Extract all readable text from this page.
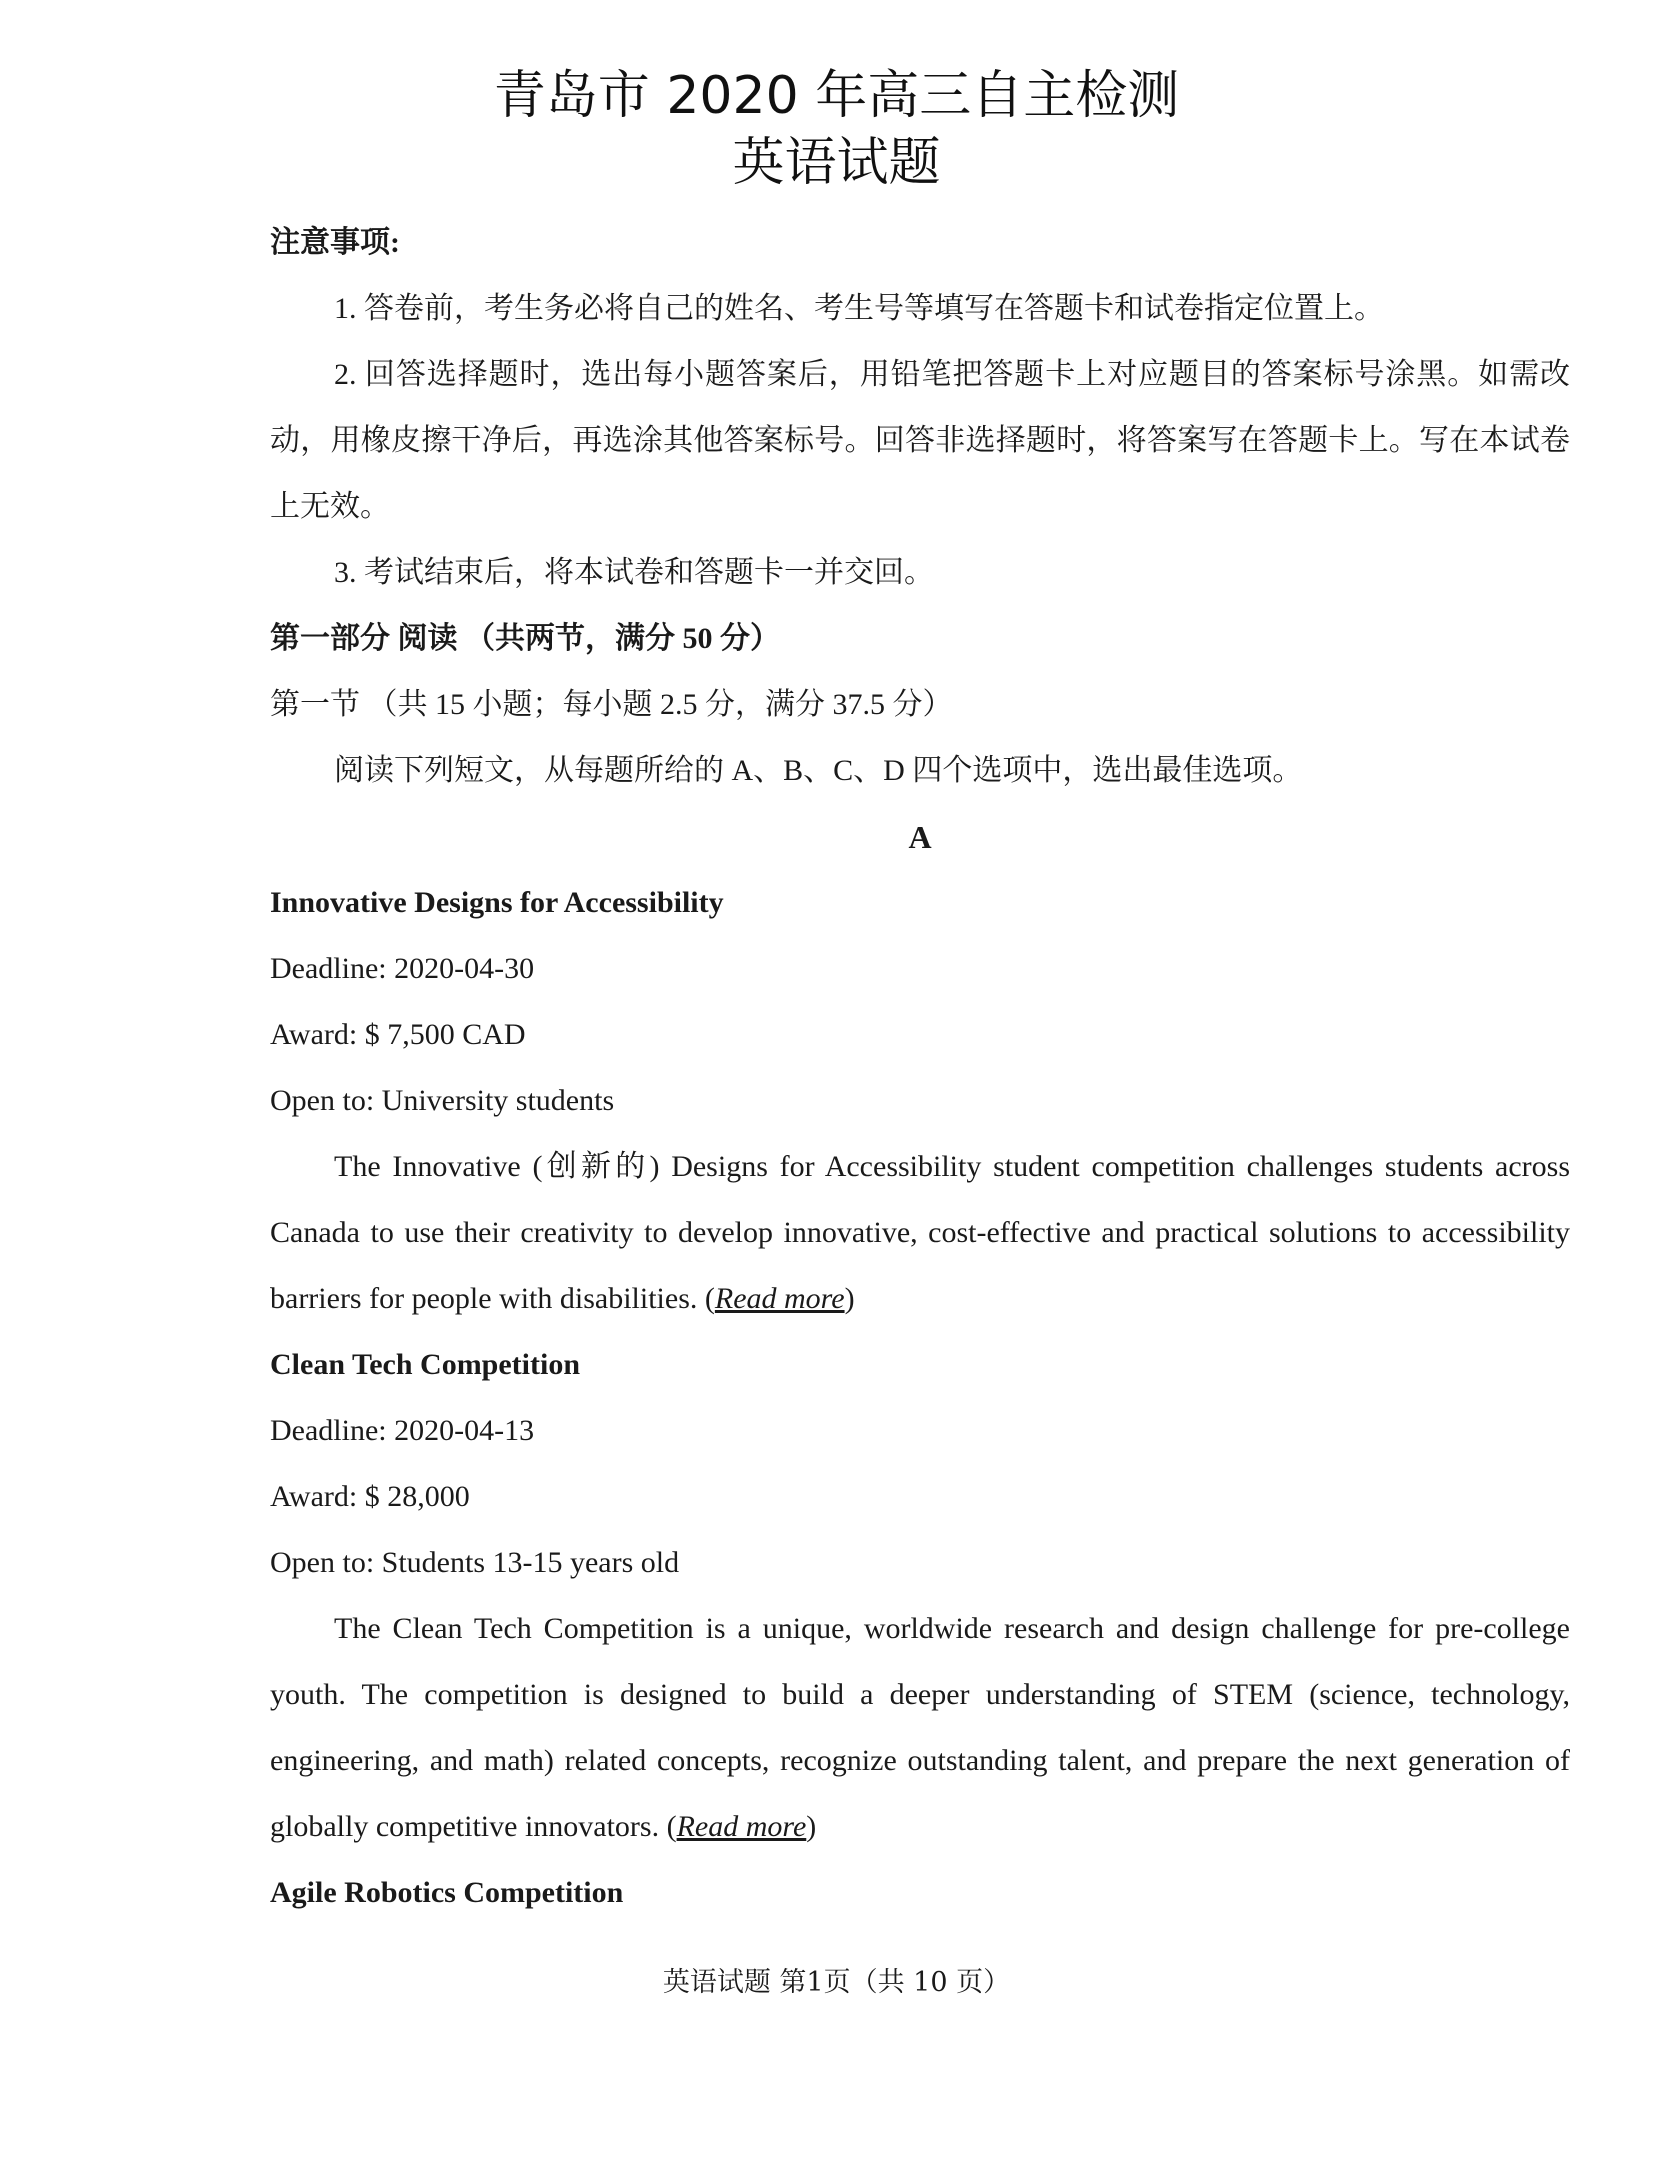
青岛市 2020 年高三自主检测
英语试题
注意事项:
1. 答卷前，考生务必将自己的姓名、考生号等填写在答题卡和试卷指定位置上。
2. 回答选择题时，选出每小题答案后，用铅笔把答题卡上对应题目的答案标号涂黑。如需改动，用橡皮擦干净后，再选涂其他答案标号。回答非选择题时，将答案写在答题卡上。写在本试卷上无效。
3. 考试结束后，将本试卷和答题卡一并交回。
第一部分 阅读 （共两节，满分 50 分）
第一节 （共 15 小题；每小题 2.5 分，满分 37.5 分）
阅读下列短文，从每题所给的 A、B、C、D 四个选项中，选出最佳选项。
A
Innovative Designs for Accessibility
Deadline: 2020-04-30
Award: $ 7,500 CAD
Open to: University students
The Innovative (创新的) Designs for Accessibility student competition challenges students across Canada to use their creativity to develop innovative, cost-effective and practical solutions to accessibility barriers for people with disabilities. (Read more)
Clean Tech Competition
Deadline: 2020-04-13
Award: $ 28,000
Open to: Students 13-15 years old
The Clean Tech Competition is a unique, worldwide research and design challenge for pre-college youth. The competition is designed to build a deeper understanding of STEM (science, technology, engineering, and math) related concepts, recognize outstanding talent, and prepare the next generation of globally competitive innovators. (Read more)
Agile Robotics Competition
英语试题 第1页（共 10 页）
